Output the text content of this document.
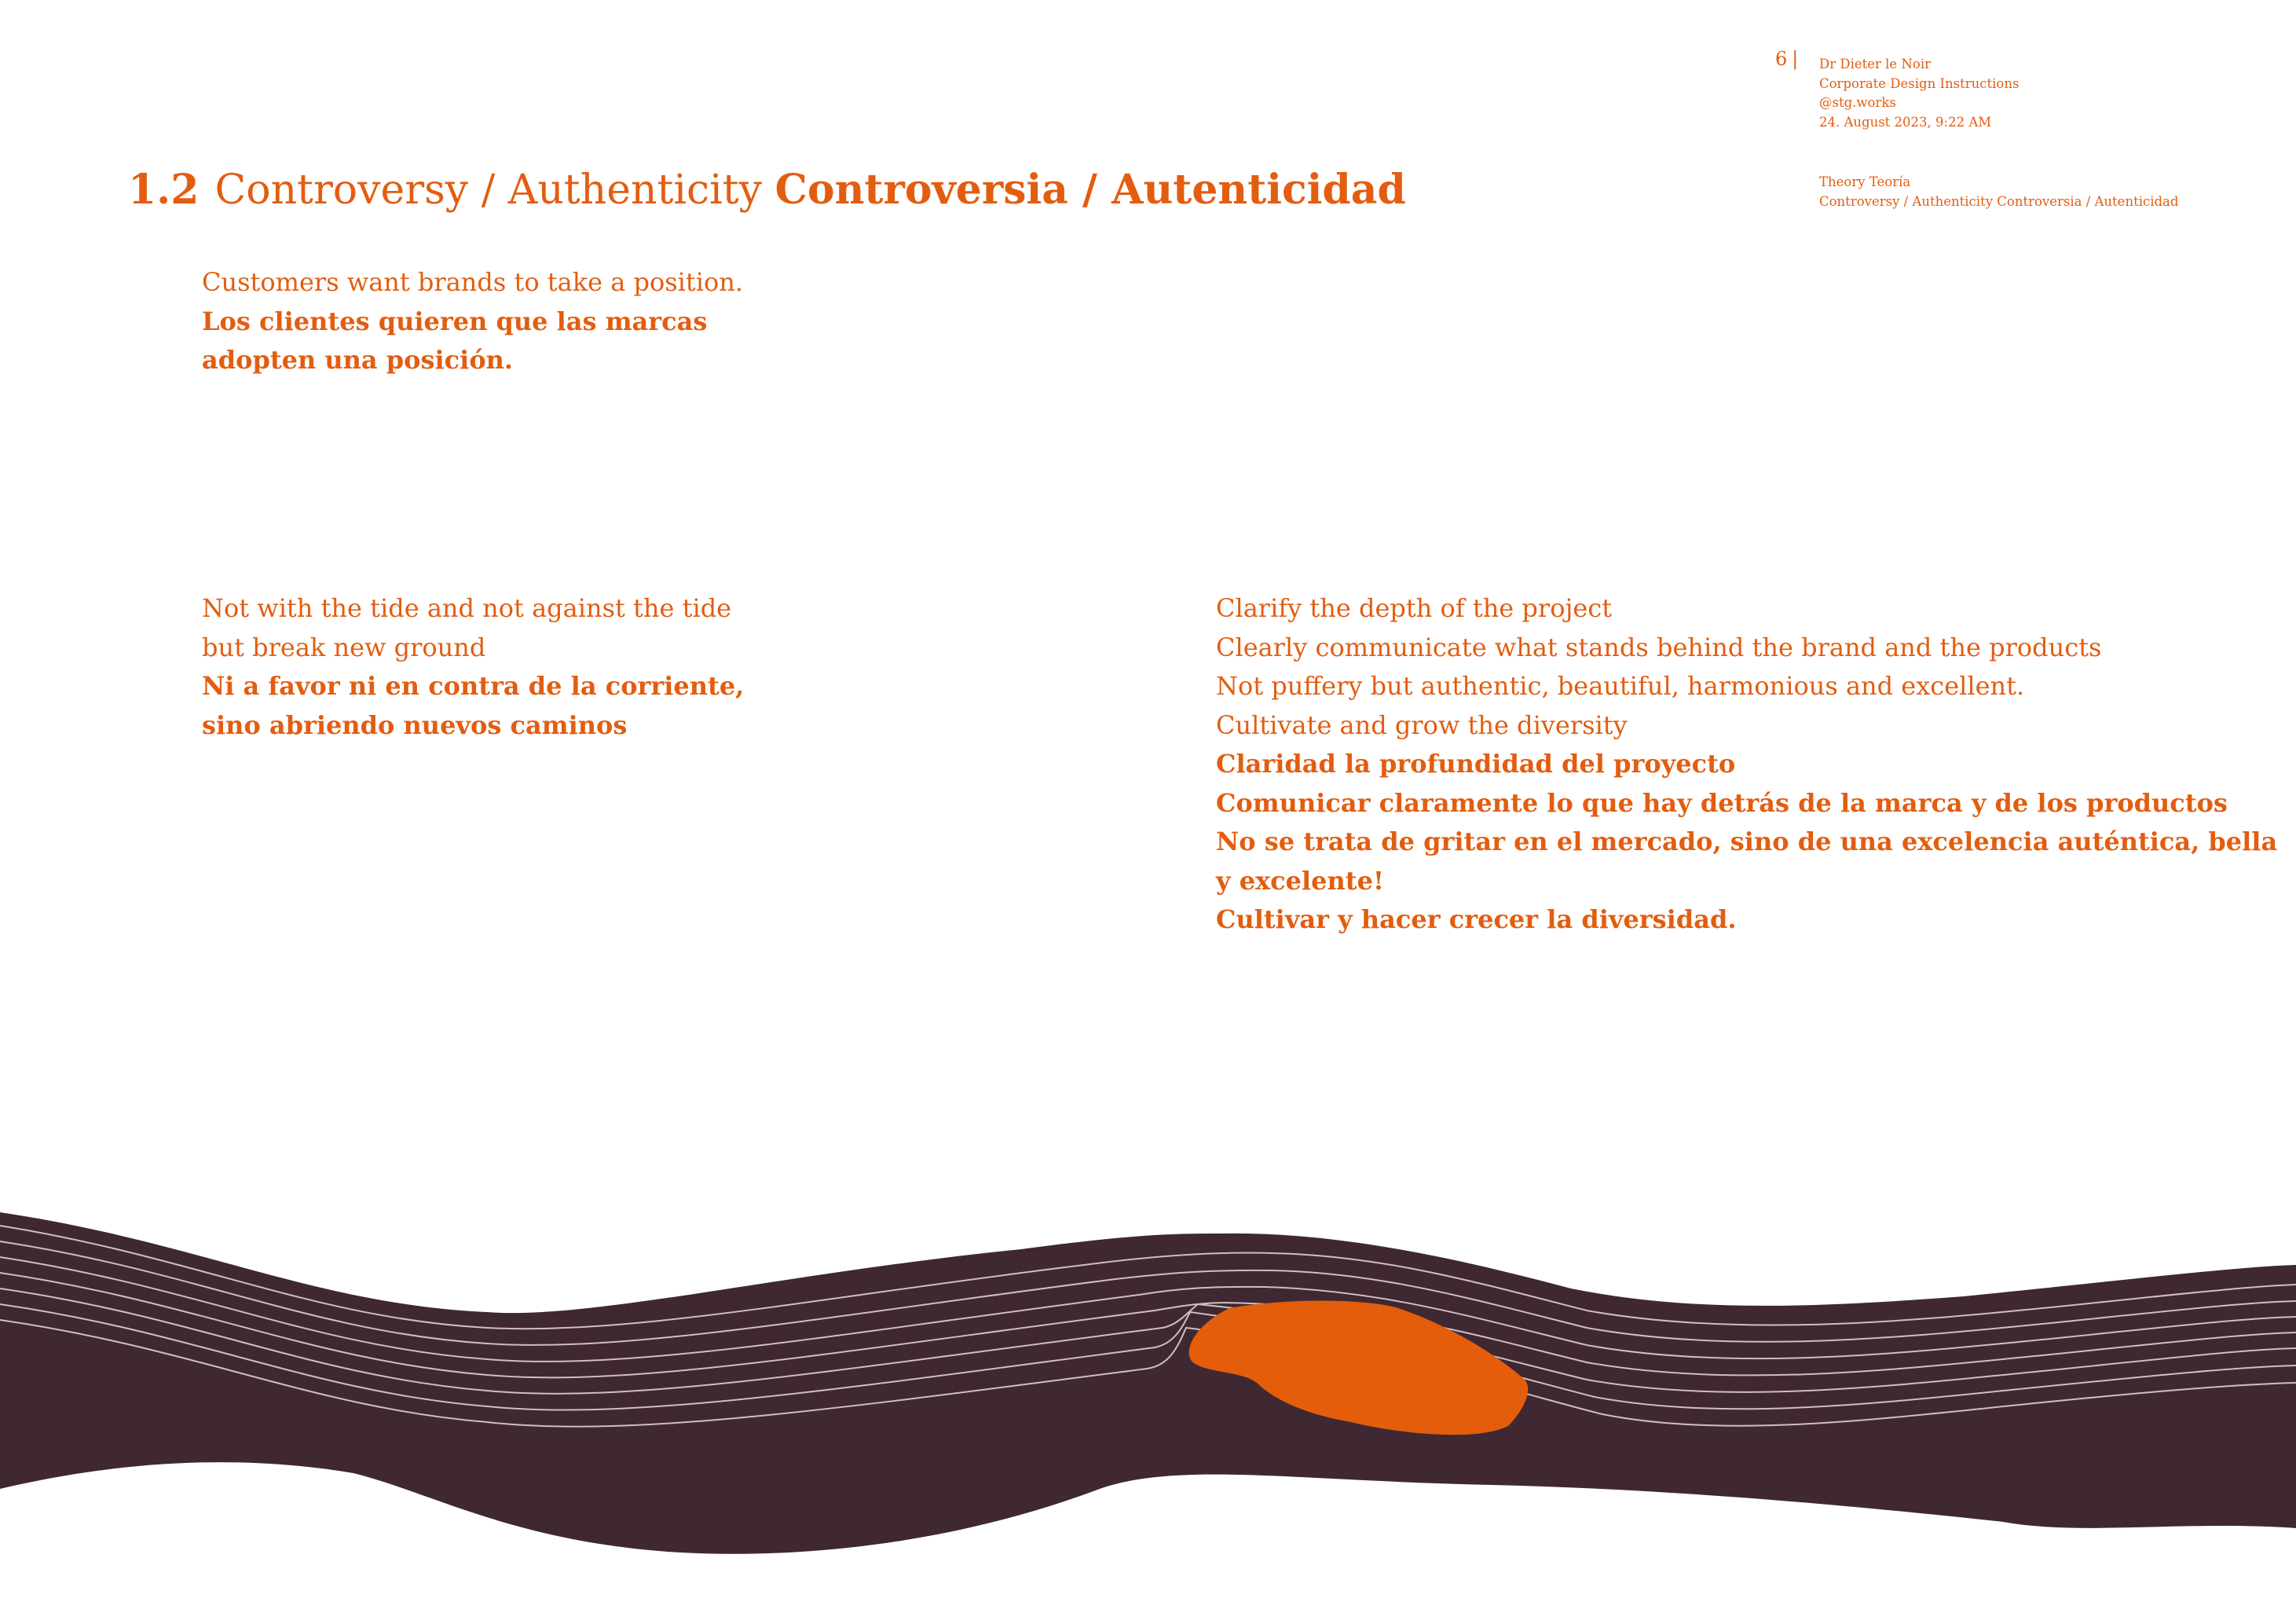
6 | Dr Dieter le Noir
Corporate Design Instructions
@stg.works
24. August 2023, 9:22 AM
Theory Teoría
Controversy / Authenticity Controversia / Autenticidad
1.2 Controversy / Authenticity Controversia / Autenticidad
Customers want brands to take a position.
Los clientes quieren que las marcas
adopten una posición.
Not with the tide and not against the tide
but break new ground
Ni a favor ni en contra de la corriente,
sino abriendo nuevos caminos
Clarify the depth of the project
Clearly communicate what stands behind the brand and the products
Not puffery but authentic, beautiful, harmonious and excellent.
Cultivate and grow the diversity
Claridad la profundidad del proyecto
Comunicar claramente lo que hay detrás de la marca y de los productos
No se trata de gritar en el mercado, sino de una excelencia auténtica, bella
y excelente!
Cultivar y hacer crecer la diversidad.
